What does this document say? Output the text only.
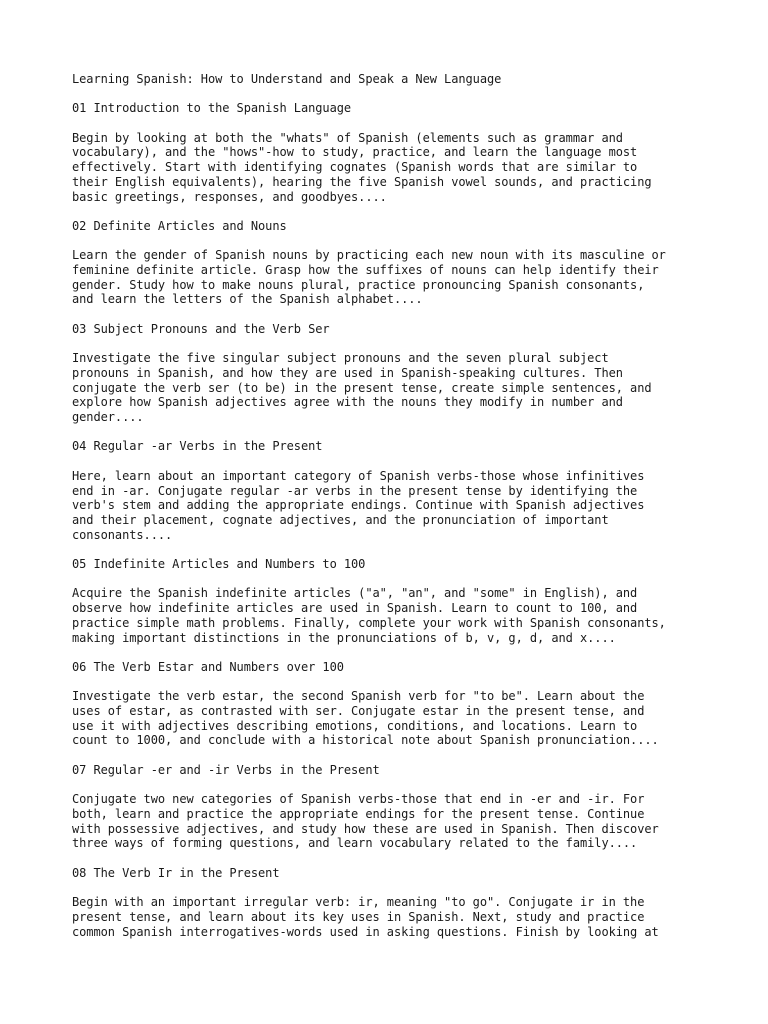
Learning Spanish: How to Understand and Speak a New Language
01 Introduction to the Spanish Language
Begin by looking at both the "whats" of Spanish (elements such as grammar and
vocabulary), and the "hows"-how to study, practice, and learn the language most
effectively. Start with identifying cognates (Spanish words that are similar to
their English equivalents), hearing the five Spanish vowel sounds, and practicing
basic greetings, responses, and goodbyes....
02 Definite Articles and Nouns
Learn the gender of Spanish nouns by practicing each new noun with its masculine or
feminine definite article. Grasp how the suffixes of nouns can help identify their
gender. Study how to make nouns plural, practice pronouncing Spanish consonants,
and learn the letters of the Spanish alphabet....
03 Subject Pronouns and the Verb Ser
Investigate the five singular subject pronouns and the seven plural subject
pronouns in Spanish, and how they are used in Spanish-speaking cultures. Then
conjugate the verb ser (to be) in the present tense, create simple sentences, and
explore how Spanish adjectives agree with the nouns they modify in number and
gender....
04 Regular -ar Verbs in the Present
Here, learn about an important category of Spanish verbs-those whose infinitives
end in -ar. Conjugate regular -ar verbs in the present tense by identifying the
verb's stem and adding the appropriate endings. Continue with Spanish adjectives
and their placement, cognate adjectives, and the pronunciation of important
consonants....
05 Indefinite Articles and Numbers to 100
Acquire the Spanish indefinite articles ("a", "an", and "some" in English), and
observe how indefinite articles are used in Spanish. Learn to count to 100, and
practice simple math problems. Finally, complete your work with Spanish consonants,
making important distinctions in the pronunciations of b, v, g, d, and x....
06 The Verb Estar and Numbers over 100
Investigate the verb estar, the second Spanish verb for "to be". Learn about the
uses of estar, as contrasted with ser. Conjugate estar in the present tense, and
use it with adjectives describing emotions, conditions, and locations. Learn to
count to 1000, and conclude with a historical note about Spanish pronunciation....
07 Regular -er and -ir Verbs in the Present
Conjugate two new categories of Spanish verbs-those that end in -er and -ir. For
both, learn and practice the appropriate endings for the present tense. Continue
with possessive adjectives, and study how these are used in Spanish. Then discover
three ways of forming questions, and learn vocabulary related to the family....
08 The Verb Ir in the Present
Begin with an important irregular verb: ir, meaning "to go". Conjugate ir in the
present tense, and learn about its key uses in Spanish. Next, study and practice
common Spanish interrogatives-words used in asking questions. Finish by looking at
